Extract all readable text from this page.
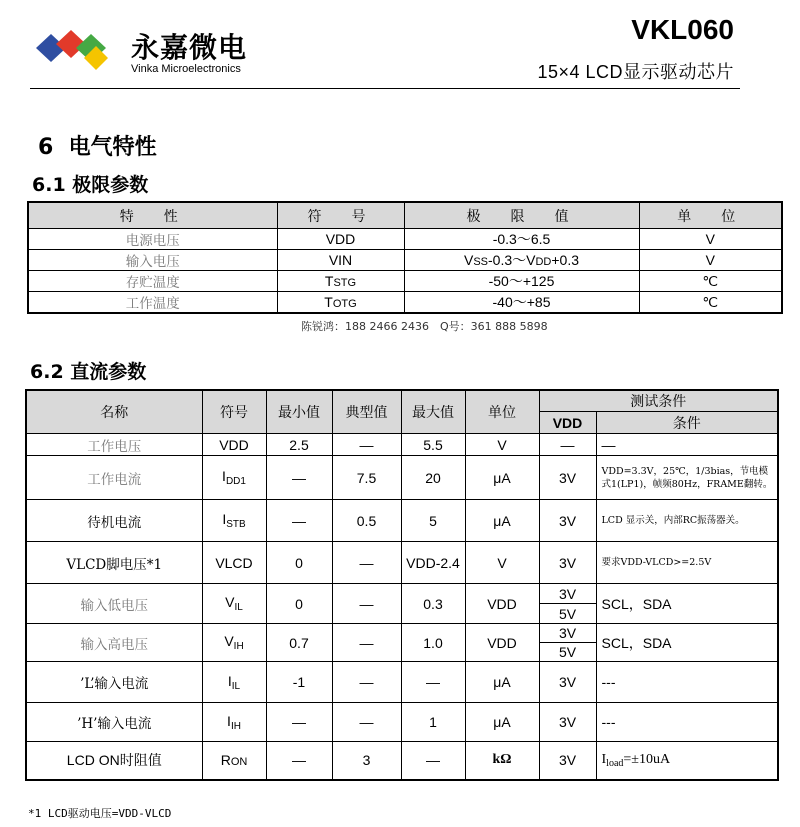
永嘉微电
Vinka Microelectronics
VKL060
15×4 LCD显示驱动芯片
6  电气特性
6.1 极限参数
特　性	符　号	极　限　值	单　位
电源电压	VDD	-0.3～6.5	V
输入电压	VIN	VSS-0.3～VDD+0.3	V
存贮温度	TSTG	-50～+125	℃
工作温度	TOTG	-40～+85	℃
陈锐鸿：188 2466 2436　Q号：361 888 5898
6.2 直流参数
名称	符号	最小值	典型值	最大值	单位	测试条件	
						VDD	条件
工作电压	VDD	2.5	—	5.5	V	—	—
工作电流	$I_{DD1}$	—	7.5	20	μA	3V	VDD=3.3V，25℃，1/3bias，节电模式1(LP1)，帧频80Hz，FRAME翻转。
待机电流	$I_{STB}$	—	0.5	5	μA	3V	LCD 显示关，内部RC振荡器关。
VLCD脚电压*1	VLCD	0	—	VDD-2.4	V	3V	要求VDD-VLCD>=2.5V
输入低电压	$V_{IL}$	0	—	0.3	VDD	3V	SCL，SDA
						5V	
输入高电压	$V_{IH}$	0.7	—	1.0	VDD	3V	SCL，SDA
						5V	
’L’输入电流	$I_{IL}$	-1	—	—	μA	3V	---
’H’输入电流	$I_{IH}$	—	—	1	μA	3V	---
LCD ON时阻值	RON	—	3	—	kΩ	3V	$I_{load}=\pm 10uA$
*1 LCD驱动电压=VDD-VLCD
